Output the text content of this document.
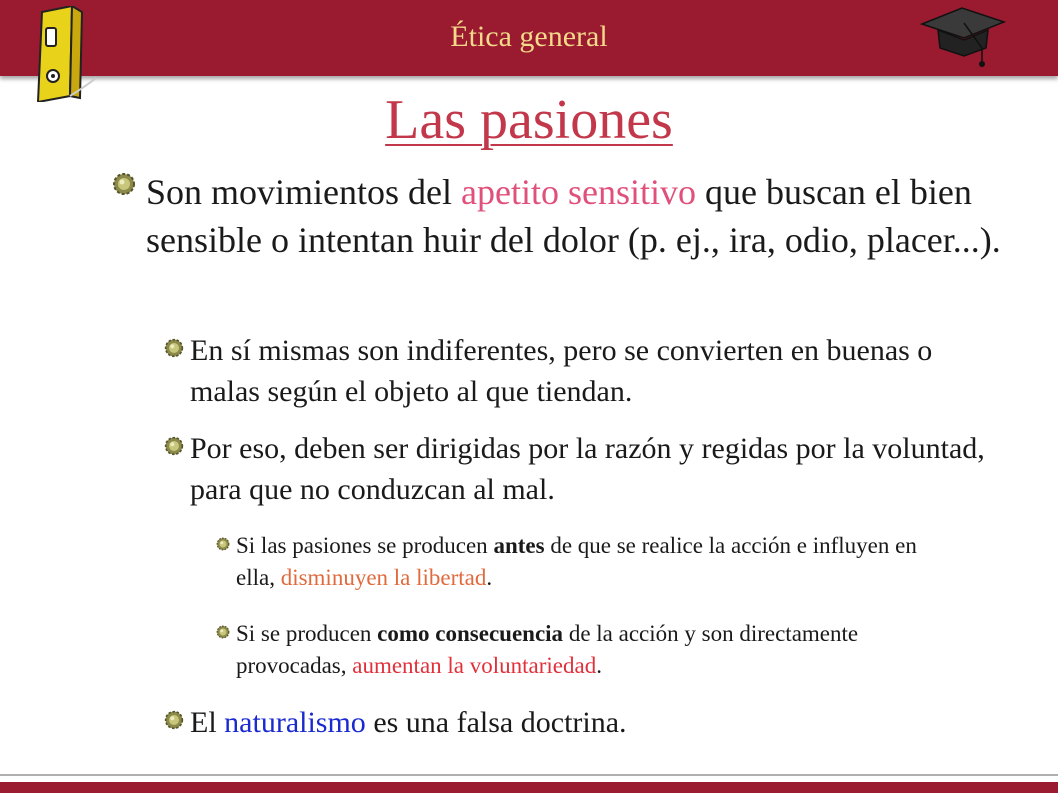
Ética general
Las pasiones
Son movimientos del apetito sensitivo que buscan el bien sensible o intentan huir del dolor (p. ej., ira, odio, placer...).
En sí mismas son indiferentes, pero se convierten en buenas o malas según el objeto al que tiendan.
Por eso, deben ser dirigidas por la razón y regidas por la voluntad, para que no conduzcan al mal.
Si las pasiones se producen antes de que se realice la acción e influyen en ella, disminuyen la libertad.
Si se producen como consecuencia de la acción y son directamente provocadas, aumentan la voluntariedad.
El naturalismo es una falsa doctrina.
